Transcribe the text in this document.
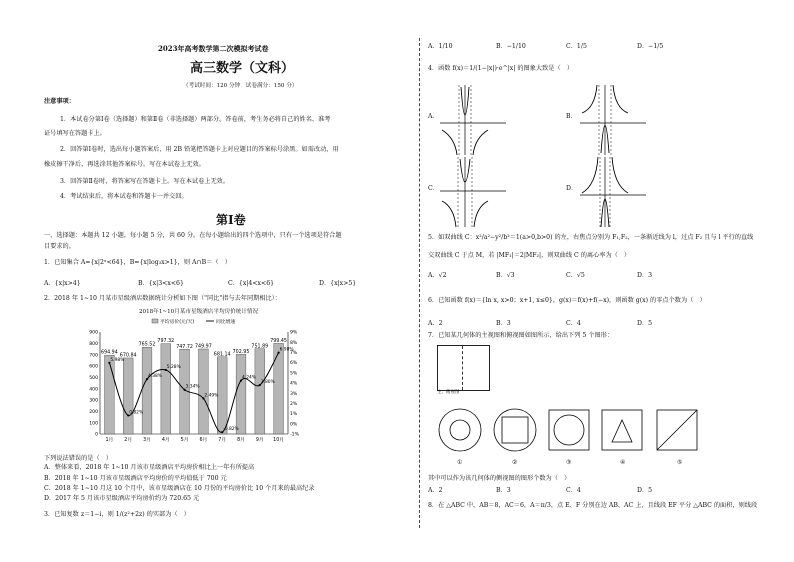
2023年高考数学第二次模拟考试卷
高三数学（文科）
（考试时间：120 分钟　试卷满分：150 分）
注意事项：
1．本试卷分第Ⅰ卷（选择题）和第Ⅱ卷（非选择题）两部分。答卷前，考生务必将自己的姓名、准考
证号填写在答题卡上。
2．回答第Ⅰ卷时，选出每小题答案后，用 2B 铅笔把答题卡上对应题目的答案标号涂黑。如需改动，用
橡皮擦干净后，再选涂其他答案标号。写在本试卷上无效。
3．回答第Ⅱ卷时，将答案写在答题卡上。写在本试卷上无效。
4．考试结束后，将本试卷和答题卡一并交回。
第Ⅰ卷
一、选择题：本题共 12 小题，每小题 5 分，共 60 分。在每小题给出的四个选项中，只有一个选项是符合题
目要求的。
1．已知集合 A={x|2ˣ<64}，B={x|log₃x>1}，则 A∩B＝（　）
A．{x|x>4}	B．{x|3<x<6}	C．{x|4<x<6}	D．{x|x>5}
2．2018 年 1~10 月某市星级酒店数据统计分析如下图（"同比"指与去年同期相比）：
2018年1~10月某市星级酒店平均房价统计情况
平均房价(元/天)	同比增速
900
800
700
600
500
400
300
200
100
0
9%
8%
7%
6%
5%
4%
3%
2%
1%
0%
-1%
694.94
1月
670.84
2月
765.52
3月
797.32
4月
747.72
5月
749.97
6月
681.14
7月
702.95
8月
751.89
9月
799.45
10月
5.98%
0.82%
4.38%
5.28%
3.34%
2.49%
-0.82%
4.24%
3.80%
6.98%
下列说法错误的是（　）
A．整体来看，2018 年 1~10 月该市星级酒店平均房价相比上一年有所提高
B．2018 年 1~10 月该市星级酒店平均房价的平均值低于 700 元
C．2018 年 1~10 月这 10 个月中，该市星级酒店在 10 月份的平均房价比 10 个月来的最高纪录
D．2017 年 5 月该市星级酒店平均房价约为 720.65 元
3．已知复数 z＝1−i，则 1/(z²+2z) 的实部为（　）
A．1/10	B．−1/10	C．1/5	D．−1/5
4．函数 f(x)＝1/(1−|x|)·e^|x| 的图象大致是（　）
A．	B．
C．	D．
5．如双曲线 C：x²/a²−y²/b²＝1(a>0,b>0) 的左，右焦点分别为 F₁,F₂，一条渐近线为 l，过点 F₂ 且与 l 平行的直线
交双曲线 C 于点 M，若 |MF₁|＝2|MF₂|，则双曲线 C 的离心率为（　）
A．√2	B．√3	C．√5	D．3
6．已知函数 f(x)＝{ln x, x>0；x+1, x≤0}，g(x)＝f(x)+f(−x)，则函数 g(x) 的零点个数为（　）
A．2	B．3	C．4	D．5
7．已知某几何体的主视图和俯视图如图所示，给出下列 5 个图形：
主、俯视图
①	②	③	④	⑤
其中可以作为该几何体的侧视图的图形个数为（　）
A．2	B．3	C．4	D．5
8．在 △ABC 中，AB＝8，AC＝6，A＝π/3，点 E、F 分别在边 AB、AC 上，且线段 EF 平分 △ABC 的面积，则线段
